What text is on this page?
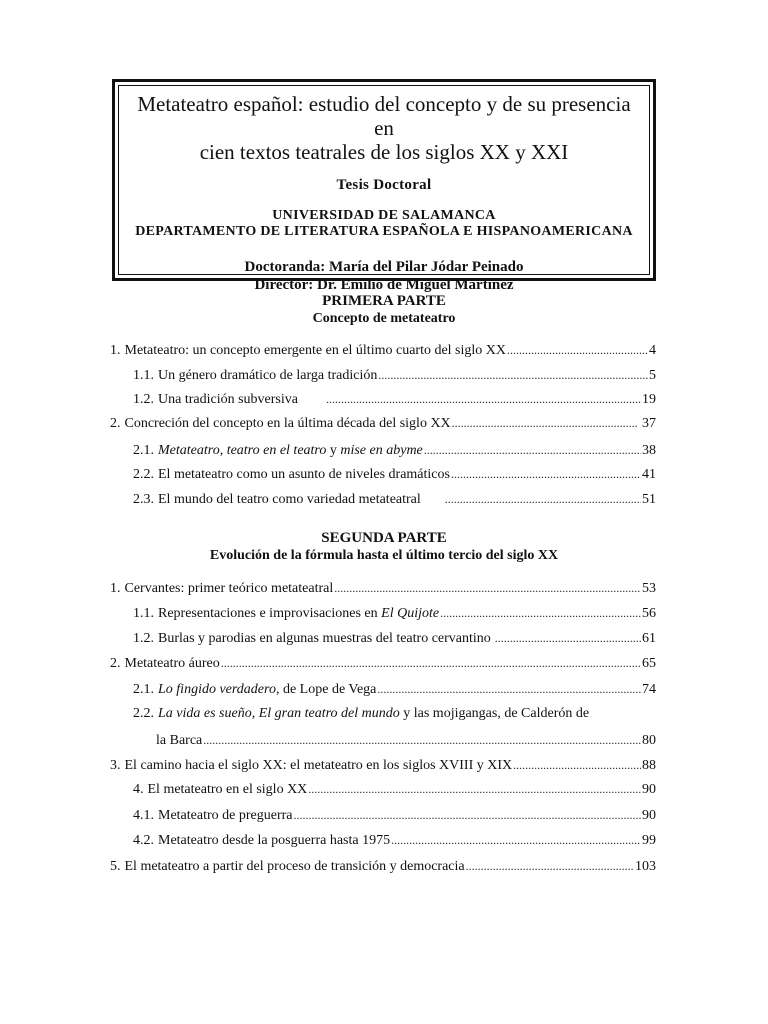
Metateatro español: estudio del concepto y de su presencia en
cien textos teatrales de los siglos XX y XXI
Tesis Doctoral
UNIVERSIDAD DE SALAMANCA
DEPARTAMENTO DE LITERATURA ESPAÑOLA E HISPANOAMERICANA
Doctoranda: María del Pilar Jódar Peinado
Director: Dr. Emilio de Miguel Martínez
PRIMERA PARTE
Concepto de metateatro
1. Metateatro: un concepto emergente en el último cuarto del siglo XX .....	4
1.1. Un género dramático de larga tradición .....	5
1.2. Una tradición subversiva .....	19
2. Concreción del concepto en la última década del siglo XX .....	37
2.1. Metateatro, teatro en el teatro y mise en abyme .....	38
2.2. El metateatro como un asunto de niveles dramáticos .....	41
2.3. El mundo del teatro como variedad metateatral .....	51
SEGUNDA PARTE
Evolución de la fórmula hasta el último tercio del siglo XX
1. Cervantes: primer teórico metateatral .....	53
1.1. Representaciones e improvisaciones en El Quijote .....	56
1.2. Burlas y parodias en algunas muestras del teatro cervantino .....	61
2. Metateatro áureo .....	65
2.1. Lo fingido verdadero , de Lope de Vega .....	74
2.2. La vida es sueño, El gran teatro del mundo y las mojigangas, de Calderón de
la Barca .....	80
3. El camino hacia el siglo XX: el metateatro en los siglos XVIII y XIX .....	88
4. El metateatro en el siglo XX .....	90
4.1. Metateatro de preguerra .....	90
4.2. Metateatro desde la posguerra hasta 1975 .....	99
5. El metateatro a partir del proceso de transición y democracia .....	103
